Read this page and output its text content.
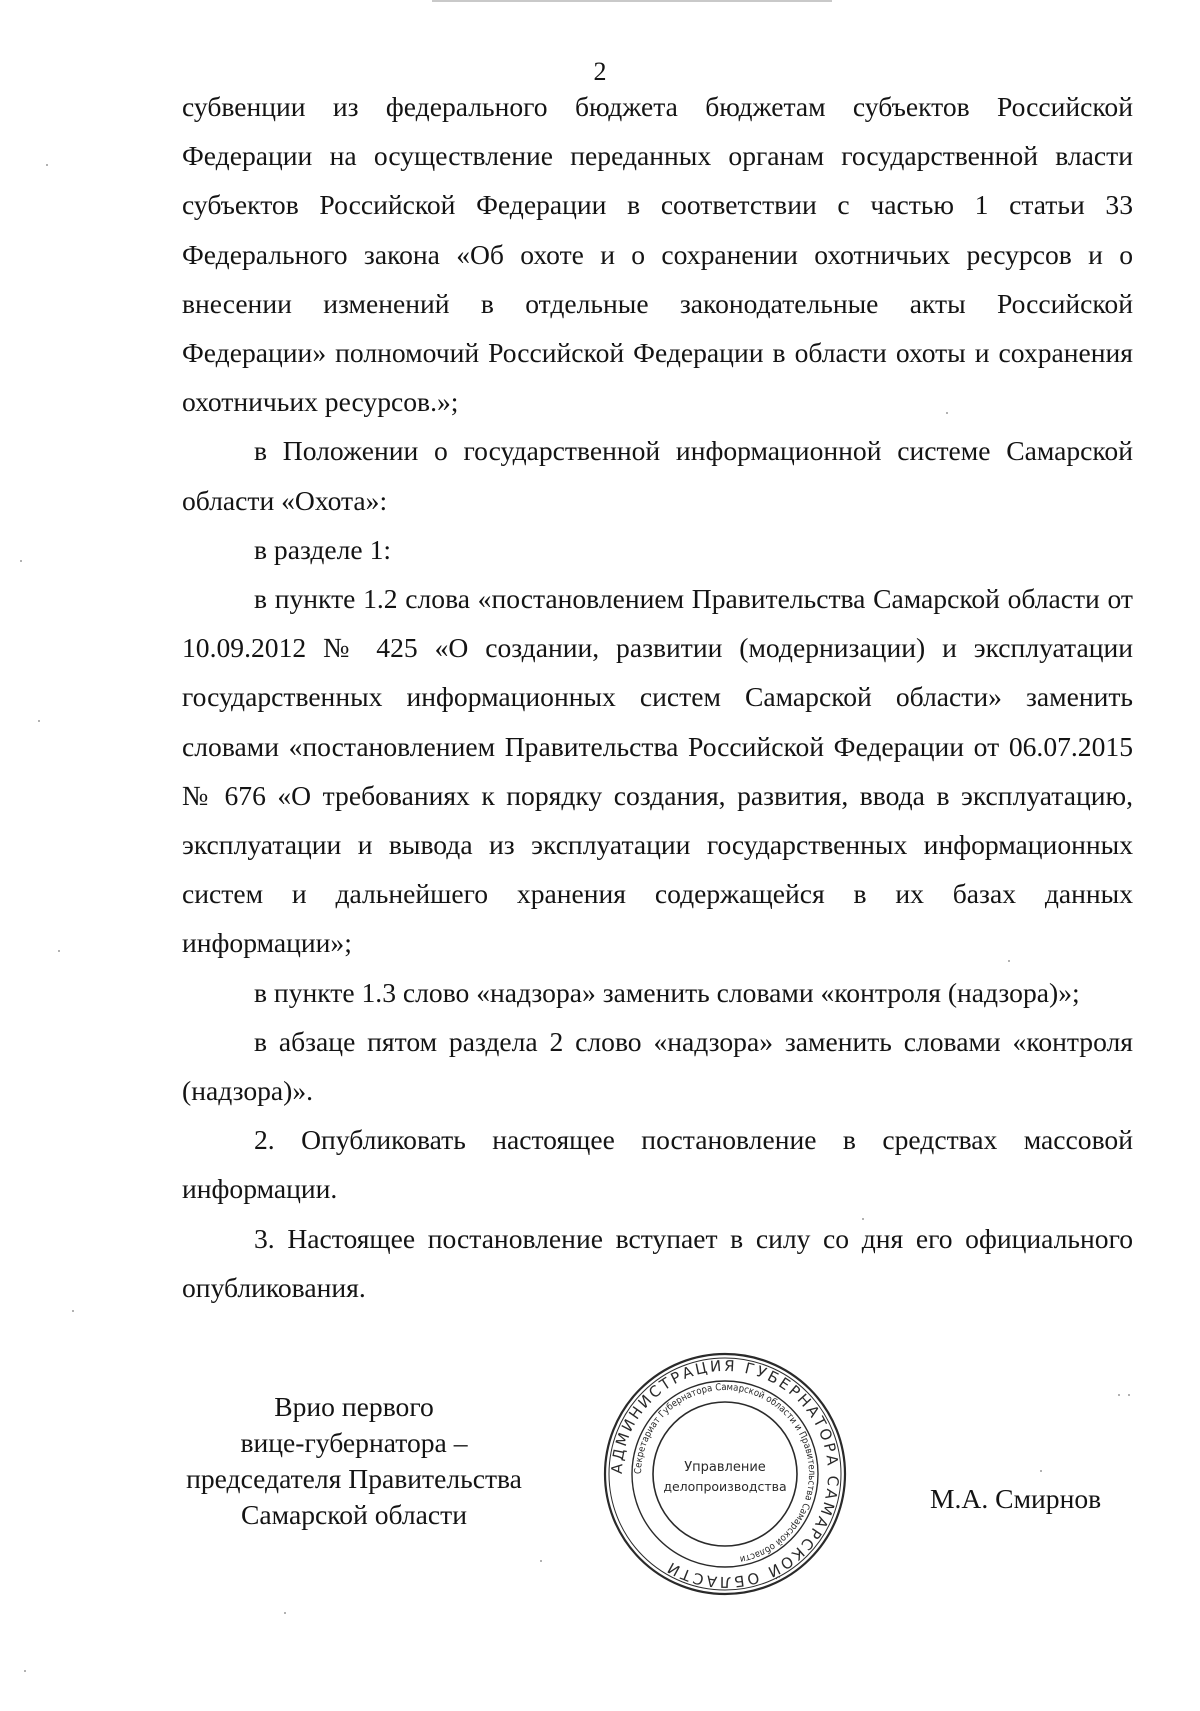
2

субвенции из федерального бюджета бюджетам субъектов Российской Федерации на осуществление переданных органам государственной власти субъектов Российской Федерации в соответствии с частью 1 статьи 33 Федерального закона «Об охоте и о сохранении охотничьих ресурсов и о внесении изменений в отдельные законодательные акты Российской Федерации» полномочий Российской Федерации в области охоты и сохранения охотничьих ресурсов.»;

в Положении о государственной информационной системе Самарской области «Охота»:

в разделе 1:

в пункте 1.2 слова «постановлением Правительства Самарской области от 10.09.2012 № 425 «О создании, развитии (модернизации) и эксплуатации государственных информационных систем Самарской области» заменить словами «постановлением Правительства Российской Федерации от 06.07.2015 № 676 «О требованиях к порядку создания, развития, ввода в эксплуатацию, эксплуатации и вывода из эксплуатации государственных информационных систем и дальнейшего хранения содержащейся в их базах данных информации»;

в пункте 1.3 слово «надзора» заменить словами «контроля (надзора)»;

в абзаце пятом раздела 2 слово «надзора» заменить словами «контроля (надзора)».

2. Опубликовать настоящее постановление в средствах массовой информации.

3. Настоящее постановление вступает в силу со дня его официального опубликования.

Врио первого
вице-губернатора –
председателя Правительства
Самарской области
АДМИНИСТРАЦИЯ ГУБЕРНАТОРА САМАРСКОЙ ОБЛАСТИ
Секретариат Губернатора Самарской области и Правительства Самарской области
Управление
делопроизводства	М.А. Смирнов
